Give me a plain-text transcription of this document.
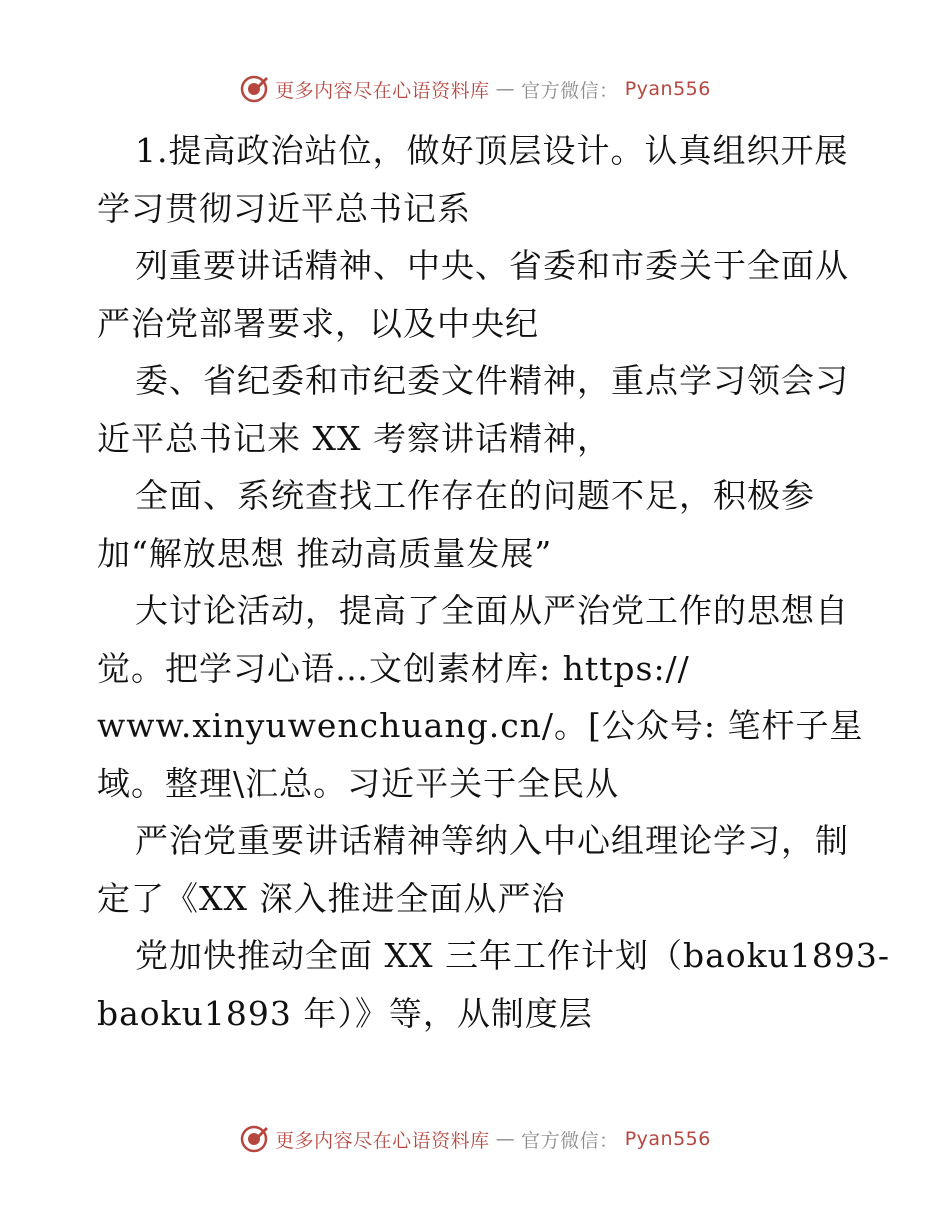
更多内容尽在心语资料库 — 官方微信： Pyan556
1.提高政治站位，做好顶层设计。认真组织开展
学习贯彻习近平总书记系
列重要讲话精神、中央、省委和市委关于全面从
严治党部署要求，以及中央纪
委、省纪委和市纪委文件精神，重点学习领会习
近平总书记来 XX 考察讲话精神，
全面、系统查找工作存在的问题不足，积极参
加“解放思想 推动高质量发展”
大讨论活动，提高了全面从严治党工作的思想自
觉。把学习心语…文创素材库: https://
www.xinyuwenchuang.cn/。[公众号: 笔杆子星
域。整理\汇总。习近平关于全民从
严治党重要讲话精神等纳入中心组理论学习，制
定了《XX 深入推进全面从严治
党加快推动全面 XX 三年工作计划（baoku1893-
baoku1893 年）》等，从制度层
更多内容尽在心语资料库 — 官方微信： Pyan556
